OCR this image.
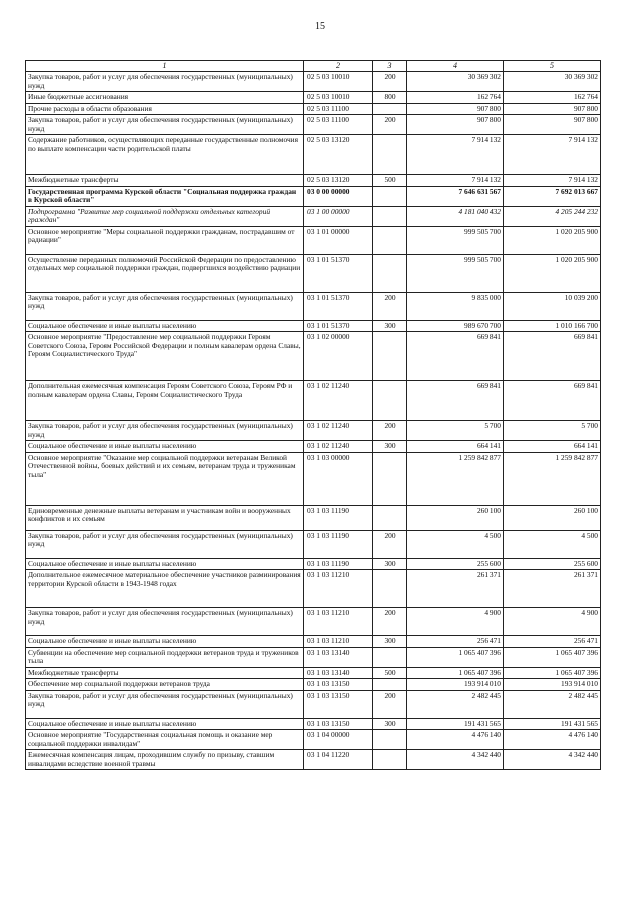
15
1	2	3	4	5
Закупка товаров, работ и услуг для обеспечения государственных (муниципальных) нужд	02 5 03 10010	200	30 369 302	30 369 302
Иные бюджетные ассигнования	02 5 03 10010	800	162 764	162 764
Прочие расходы в области образования	02 5 03 11100		907 800	907 800
Закупка товаров, работ и услуг для обеспечения государственных (муниципальных) нужд	02 5 03 11100	200	907 800	907 800
Содержание работников, осуществляющих переданные государственные полномочия по выплате компенсации части родительской платы	02 5 03 13120		7 914 132	7 914 132
Межбюджетные трансферты	02 5 03 13120	500	7 914 132	7 914 132
Государственная программа Курской области "Социальная поддержка граждан в Курской области"	03 0 00 00000		7 646 631 567	7 692 013 667
Подпрограмма "Развитие мер социальной поддержки отдельных категорий граждан"	03 1 00 00000		4 181 040 432	4 205 244 232
Основное мероприятие "Меры социальной поддержки гражданам, пострадавшим от радиации"	03 1 01 00000		999 505 700	1 020 205 900
Осуществление переданных полномочий Российской Федерации по предоставлению отдельных мер социальной поддержки граждан, подвергшихся воздействию радиации	03 1 01 51370		999 505 700	1 020 205 900
Закупка товаров, работ и услуг для обеспечения государственных (муниципальных) нужд	03 1 01 51370	200	9 835 000	10 039 200
Социальное обеспечение и иные выплаты населению	03 1 01 51370	300	989 670 700	1 010 166 700
Основное мероприятие "Предоставление мер социальной поддержки Героям Советского Союза, Героям Российской Федерации и полным кавалерам ордена Славы, Героям Социалистического Труда"	03 1 02 00000		669 841	669 841
Дополнительная ежемесячная компенсация Героям Советского Союза, Героям РФ и полным кавалерам ордена Славы, Героям Социалистического Труда	03 1 02 11240		669 841	669 841
Закупка товаров, работ и услуг для обеспечения государственных (муниципальных) нужд	03 1 02 11240	200	5 700	5 700
Социальное обеспечение и иные выплаты населению	03 1 02 11240	300	664 141	664 141
Основное мероприятие "Оказание мер социальной поддержки ветеранам Великой Отечественной войны, боевых действий и их семьям, ветеранам труда и труженикам тыла"	03 1 03 00000		1 259 842 877	1 259 842 877
Единовременные денежные выплаты ветеранам и участникам войн и вооруженных конфликтов и их семьям	03 1 03 11190		260 100	260 100
Закупка товаров, работ и услуг для обеспечения государственных (муниципальных) нужд	03 1 03 11190	200	4 500	4 500
Социальное обеспечение и иные выплаты населению	03 1 03 11190	300	255 600	255 600
Дополнительное ежемесячное материальное обеспечение участников разминирования территории Курской области в 1943-1948 годах	03 1 03 11210		261 371	261 371
Закупка товаров, работ и услуг для обеспечения государственных (муниципальных) нужд	03 1 03 11210	200	4 900	4 900
Социальное обеспечение и иные выплаты населению	03 1 03 11210	300	256 471	256 471
Субвенции на обеспечение мер социальной поддержки ветеранов труда и тружеников тыла	03 1 03 13140		1 065 407 396	1 065 407 396
Межбюджетные трансферты	03 1 03 13140	500	1 065 407 396	1 065 407 396
Обеспечение мер социальной поддержки ветеранов труда	03 1 03 13150		193 914 010	193 914 010
Закупка товаров, работ и услуг для обеспечения государственных (муниципальных) нужд	03 1 03 13150	200	2 482 445	2 482 445
Социальное обеспечение и иные выплаты населению	03 1 03 13150	300	191 431 565	191 431 565
Основное мероприятие "Государственная социальная помощь и оказание мер социальной поддержки инвалидам"	03 1 04 00000		4 476 140	4 476 140
Ежемесячная компенсация лицам, проходившим службу по призыву, ставшим инвалидами вследствие военной травмы	03 1 04 11220		4 342 440	4 342 440
